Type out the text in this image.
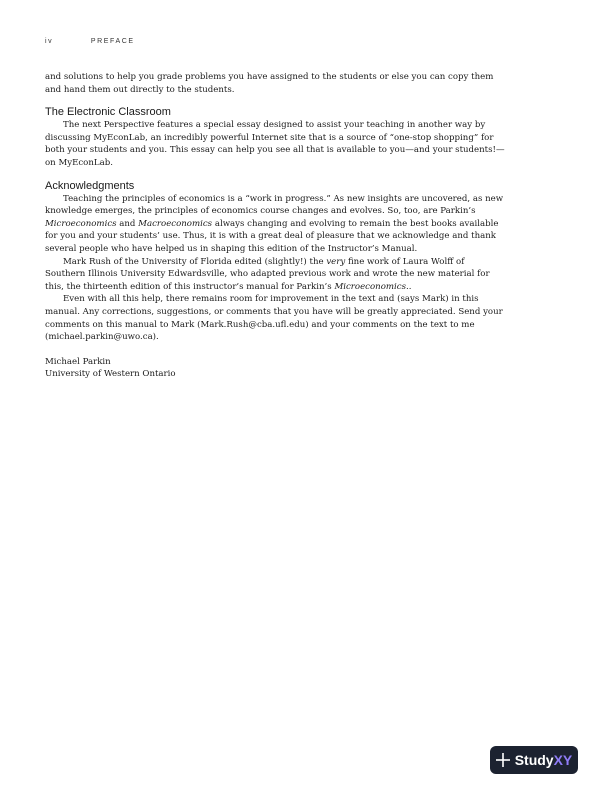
iv	PREFACE

and solutions to help you grade problems you have assigned to the students or else you can copy them and hand them out directly to the students.

The Electronic Classroom

The next Perspective features a special essay designed to assist your teaching in another way by discussing MyEconLab, an incredibly powerful Internet site that is a source of “one-stop shopping” for both your students and you. This essay can help you see all that is available to you—and your students!—on MyEconLab.

Acknowledgments

Teaching the principles of economics is a “work in progress.” As new insights are uncovered, as new knowledge emerges, the principles of economics course changes and evolves. So, too, are Parkin’s Microeconomics and Macroeconomics always changing and evolving to remain the best books available for you and your students’ use. Thus, it is with a great deal of pleasure that we acknowledge and thank several people who have helped us in shaping this edition of the Instructor’s Manual.

Mark Rush of the University of Florida edited (slightly!) the very fine work of Laura Wolff of Southern Illinois University Edwardsville, who adapted previous work and wrote the new material for this, the thirteenth edition of this instructor’s manual for Parkin’s Microeconomics..

Even with all this help, there remains room for improvement in the text and (says Mark) in this manual. Any corrections, suggestions, or comments that you have will be greatly appreciated. Send your comments on this manual to Mark (Mark.Rush@cba.ufl.edu) and your comments on the text to me (michael.parkin@uwo.ca).

Michael Parkin

University of Western Ontario

StudyXY
